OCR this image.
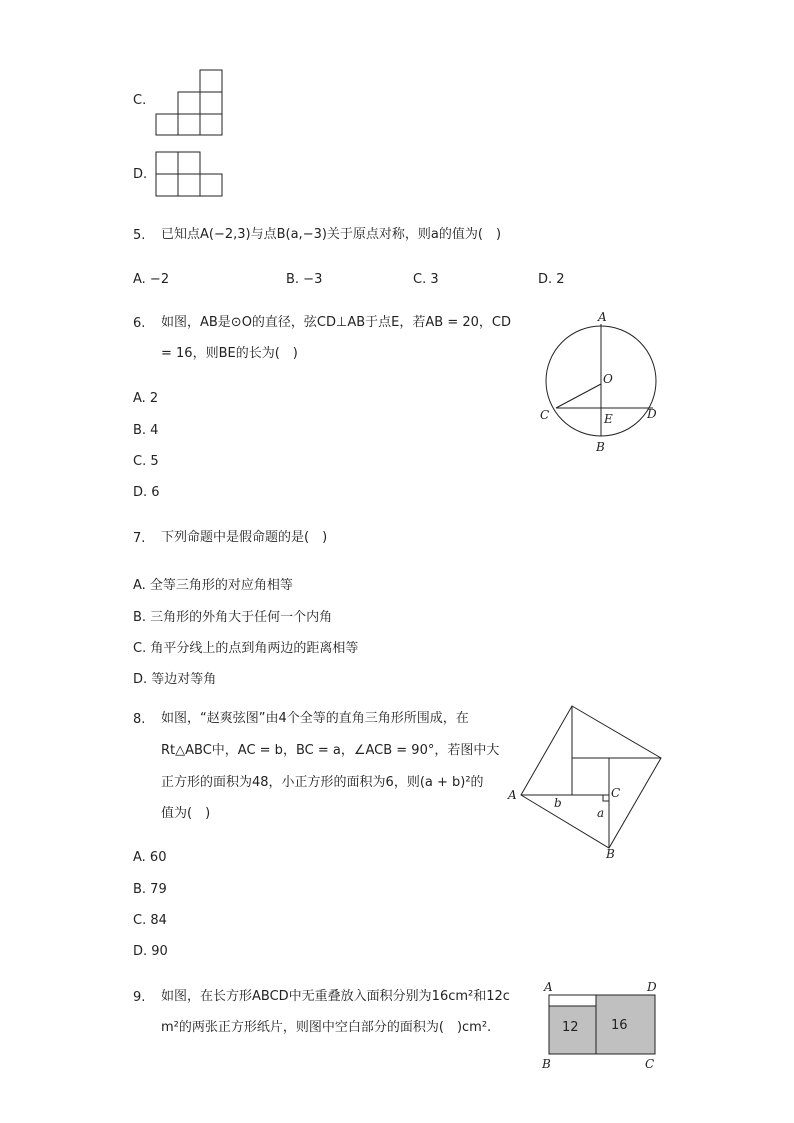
C.
D.
5. 已知点A(−2,3)与点B(a,−3)关于原点对称，则a的值为(　)
A. −2	B. −3	C. 3	D. 2
6. 如图，AB是⊙O的直径，弦CD⊥AB于点E，若AB = 20，CD
= 16，则BE的长为(　)
A. 2
B. 4
C. 5
D. 6
A
O
C	E	D
B
7. 下列命题中是假命题的是(　)
A. 全等三角形的对应角相等
B. 三角形的外角大于任何一个内角
C. 角平分线上的点到角两边的距离相等
D. 等边对等角
8. 如图，“赵爽弦图”由4个全等的直角三角形所围成，在
Rt△ABC中，AC = b，BC = a，∠ACB = 90°，若图中大
正方形的面积为48，小正方形的面积为6，则(a + b)²的
值为(　)
A. 60
B. 79
C. 84
D. 90
A
b
C
a
B
9. 如图，在长方形ABCD中无重叠放入面积分别为16cm²和12c
m²的两张正方形纸片，则图中空白部分的面积为(　)cm².
A	D
B	C
12 16
